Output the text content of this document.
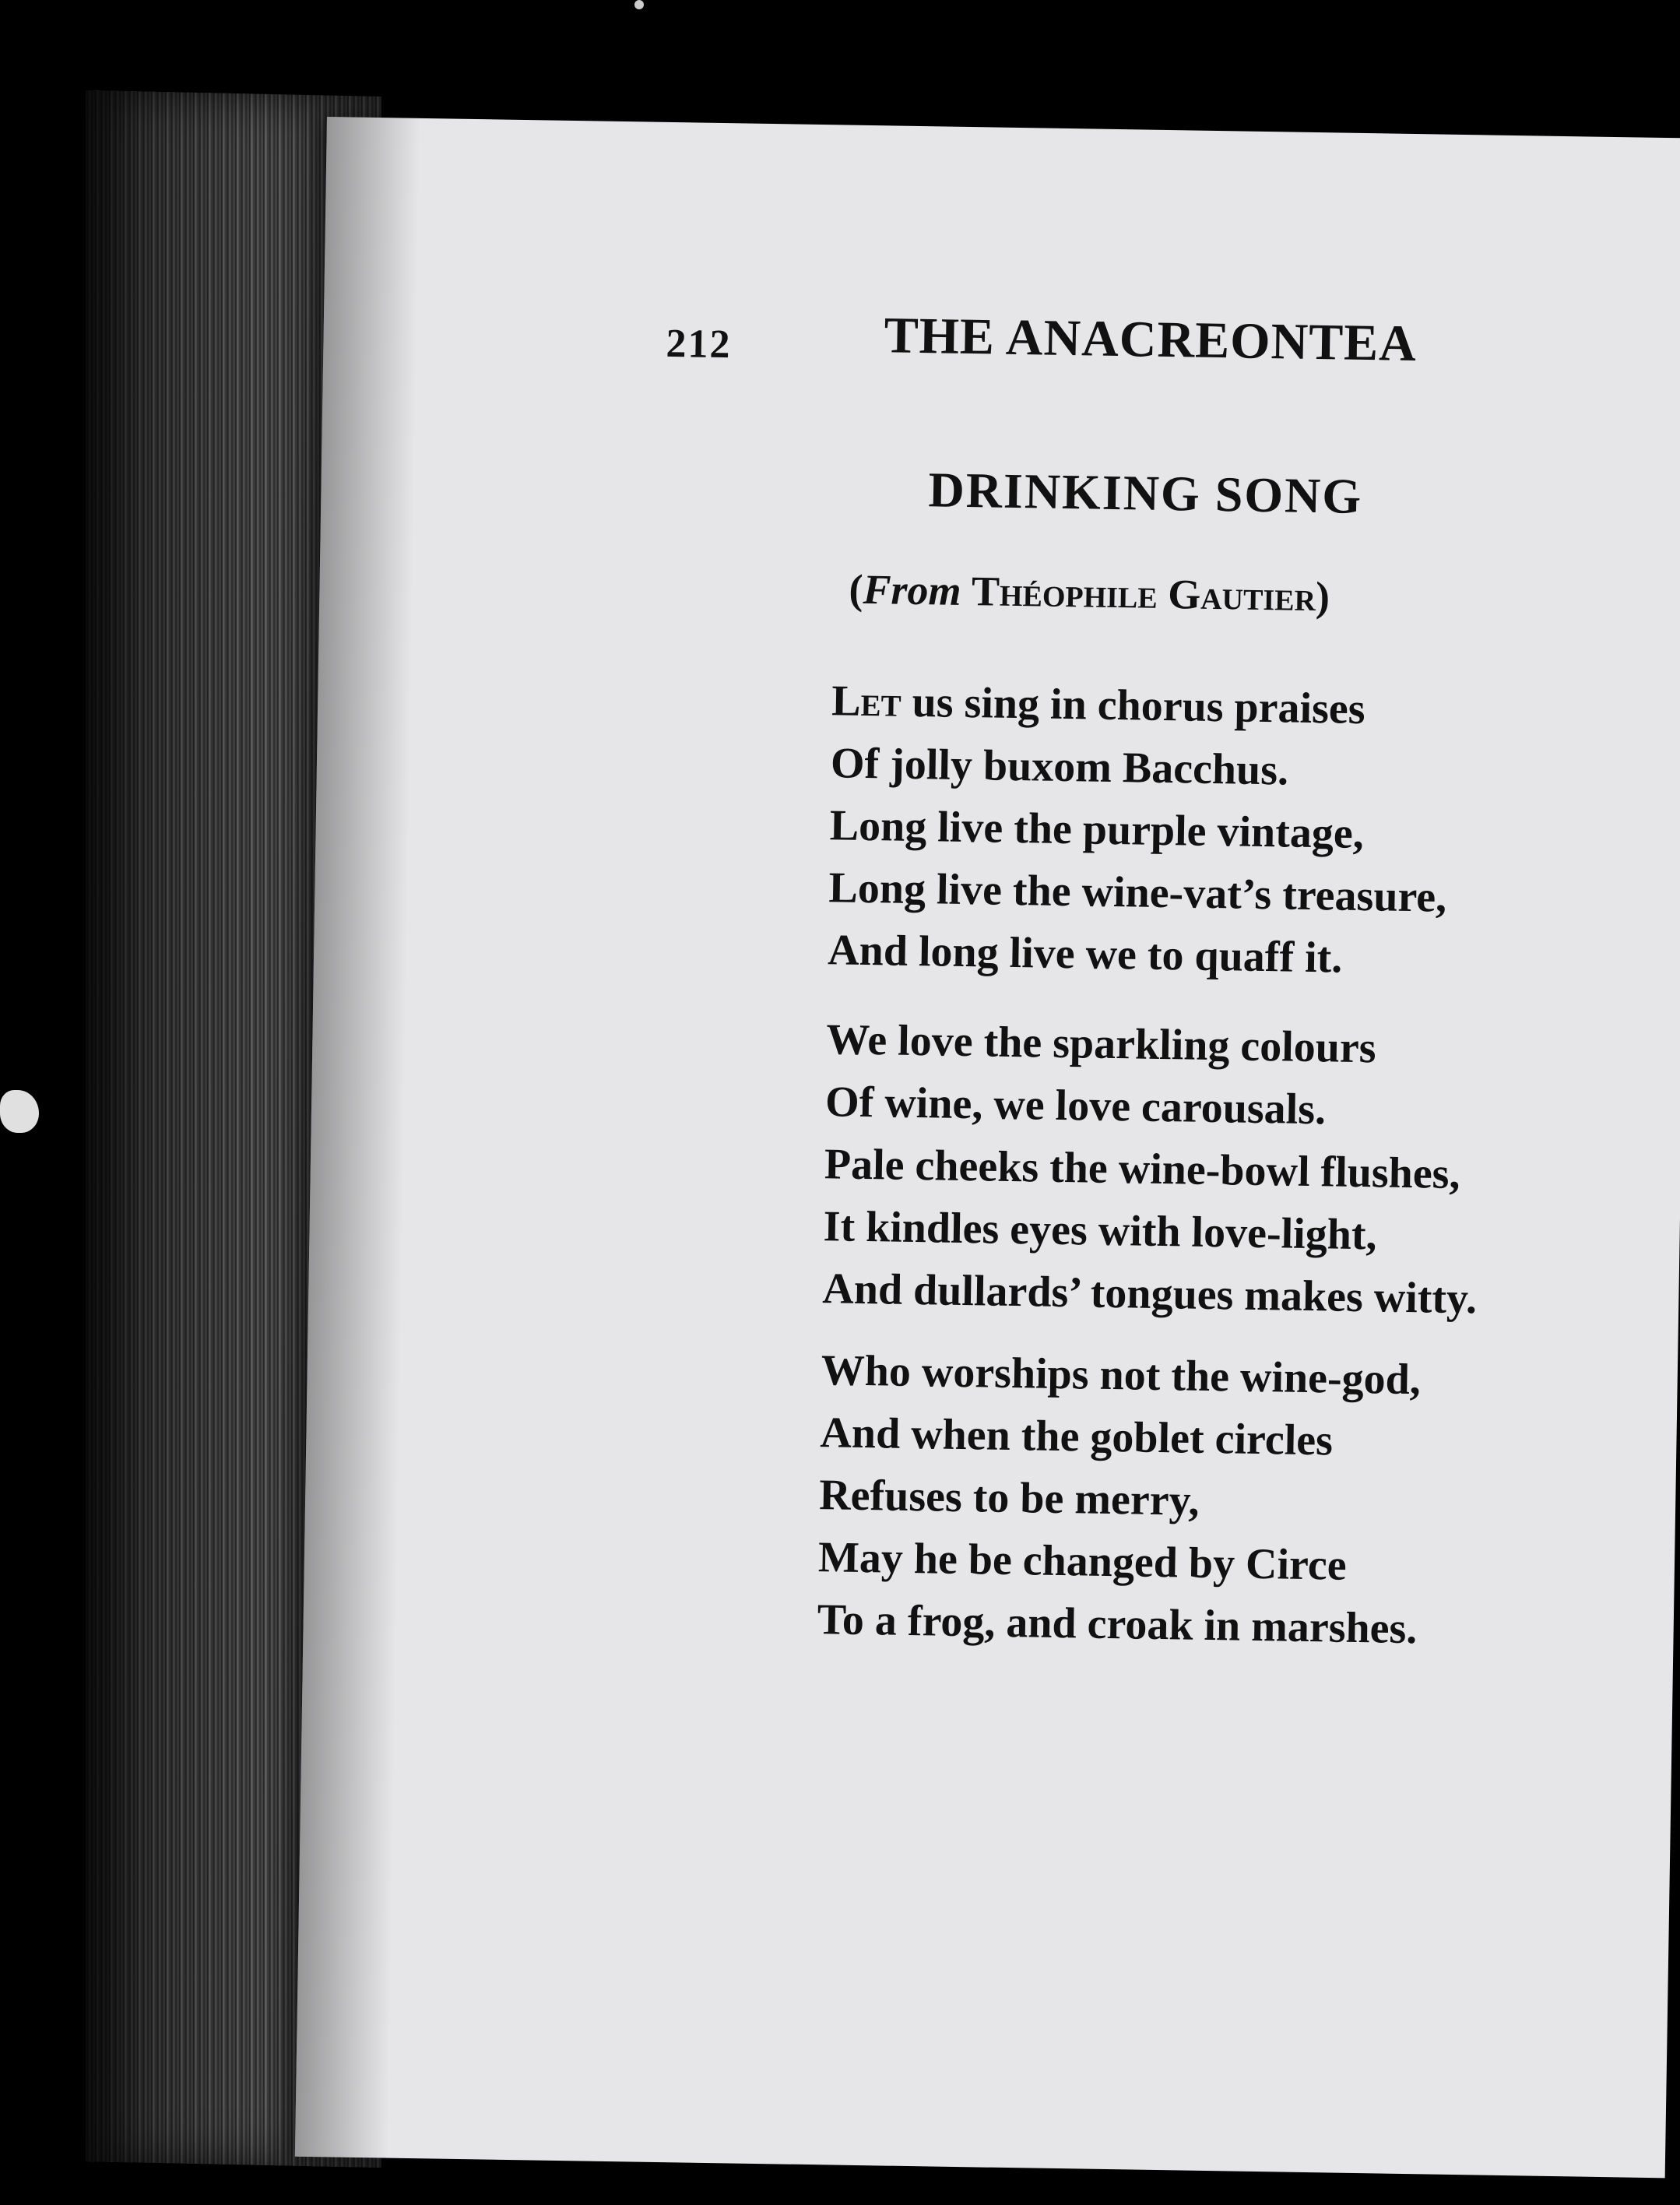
212	THE ANACREONTEA
DRINKING SONG
(From Théophile Gautier)
Let us sing in chorus praises
Of jolly buxom Bacchus.
Long live the purple vintage,
Long live the wine-vat’s treasure,
And long live we to quaff it.
We love the sparkling colours
Of wine, we love carousals.
Pale cheeks the wine-bowl flushes,
It kindles eyes with love-light,
And dullards’ tongues makes witty.
Who worships not the wine-god,
And when the goblet circles
Refuses to be merry,
May he be changed by Circe
To a frog, and croak in marshes.
